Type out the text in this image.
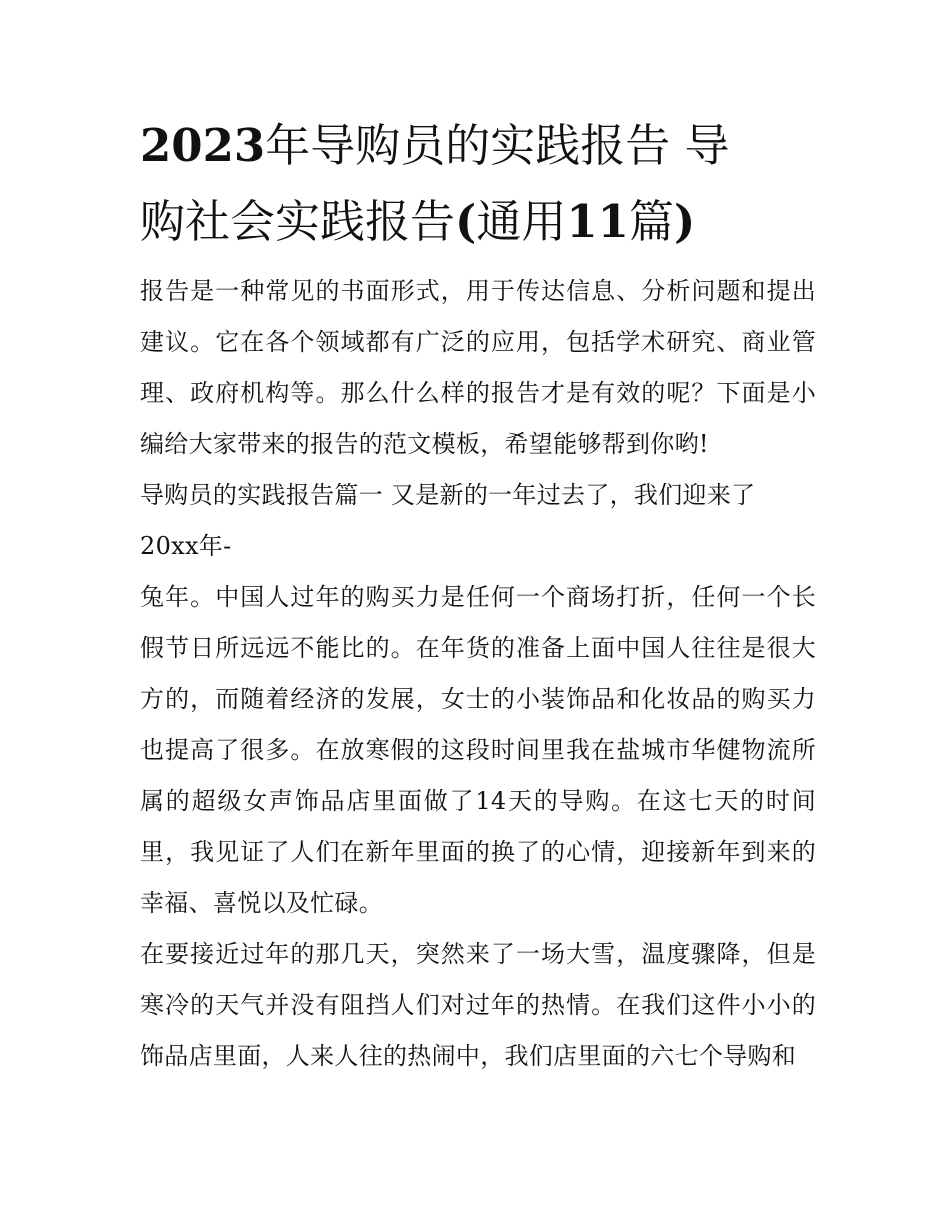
2023年导购员的实践报告 导
购社会实践报告(通用11篇)

报告是一种常见的书面形式，用于传达信息、分析问题和提出建议。它在各个领域都有广泛的应用，包括学术研究、商业管理、政府机构等。那么什么样的报告才是有效的呢？下面是小编给大家带来的报告的范文模板，希望能够帮到你哟!

导购员的实践报告篇一 又是新的一年过去了，我们迎来了

20xx年-

兔年。中国人过年的购买力是任何一个商场打折，任何一个长假节日所远远不能比的。在年货的准备上面中国人往往是很大方的，而随着经济的发展，女士的小装饰品和化妆品的购买力也提高了很多。在放寒假的这段时间里我在盐城市华健物流所属的超级女声饰品店里面做了14天的导购。在这七天的时间里，我见证了人们在新年里面的换了的心情，迎接新年到来的幸福、喜悦以及忙碌。

在要接近过年的那几天，突然来了一场大雪，温度骤降，但是寒冷的天气并没有阻挡人们对过年的热情。在我们这件小小的饰品店里面，人来人往的热闹中，我们店里面的六七个导购和
